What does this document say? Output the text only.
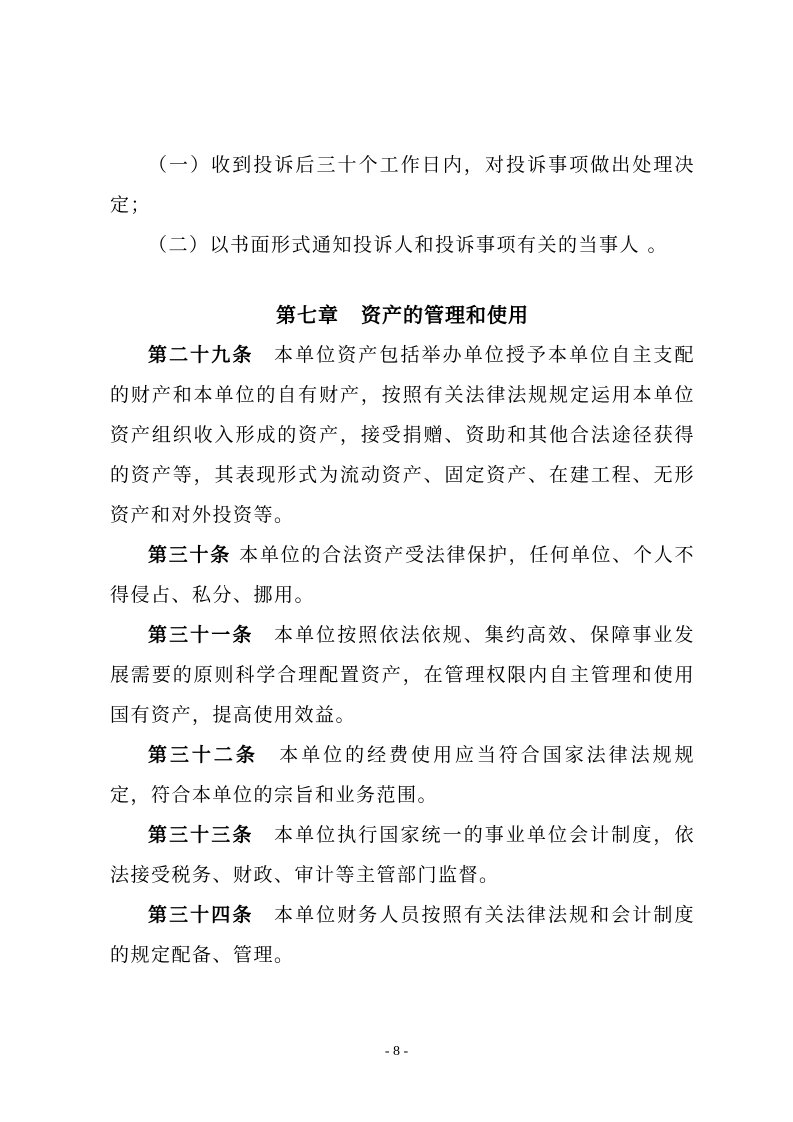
（一）收到投诉后三十个工作日内，对投诉事项做出处理决定；

（二）以书面形式通知投诉人和投诉事项有关的当事人 。

第七章 资产的管理和使用

第二十九条 本单位资产包括举办单位授予本单位自主支配的财产和本单位的自有财产，按照有关法律法规规定运用本单位资产组织收入形成的资产，接受捐赠、资助和其他合法途径获得的资产等，其表现形式为流动资产、固定资产、在建工程、无形资产和对外投资等。

第三十条 本单位的合法资产受法律保护，任何单位、个人不得侵占、私分、挪用。

第三十一条 本单位按照依法依规、集约高效、保障事业发展需要的原则科学合理配置资产，在管理权限内自主管理和使用国有资产，提高使用效益。

第三十二条 本单位的经费使用应当符合国家法律法规规定，符合本单位的宗旨和业务范围。

第三十三条 本单位执行国家统一的事业单位会计制度，依法接受税务、财政、审计等主管部门监督。

第三十四条 本单位财务人员按照有关法律法规和会计制度的规定配备、管理。

- 8 -
